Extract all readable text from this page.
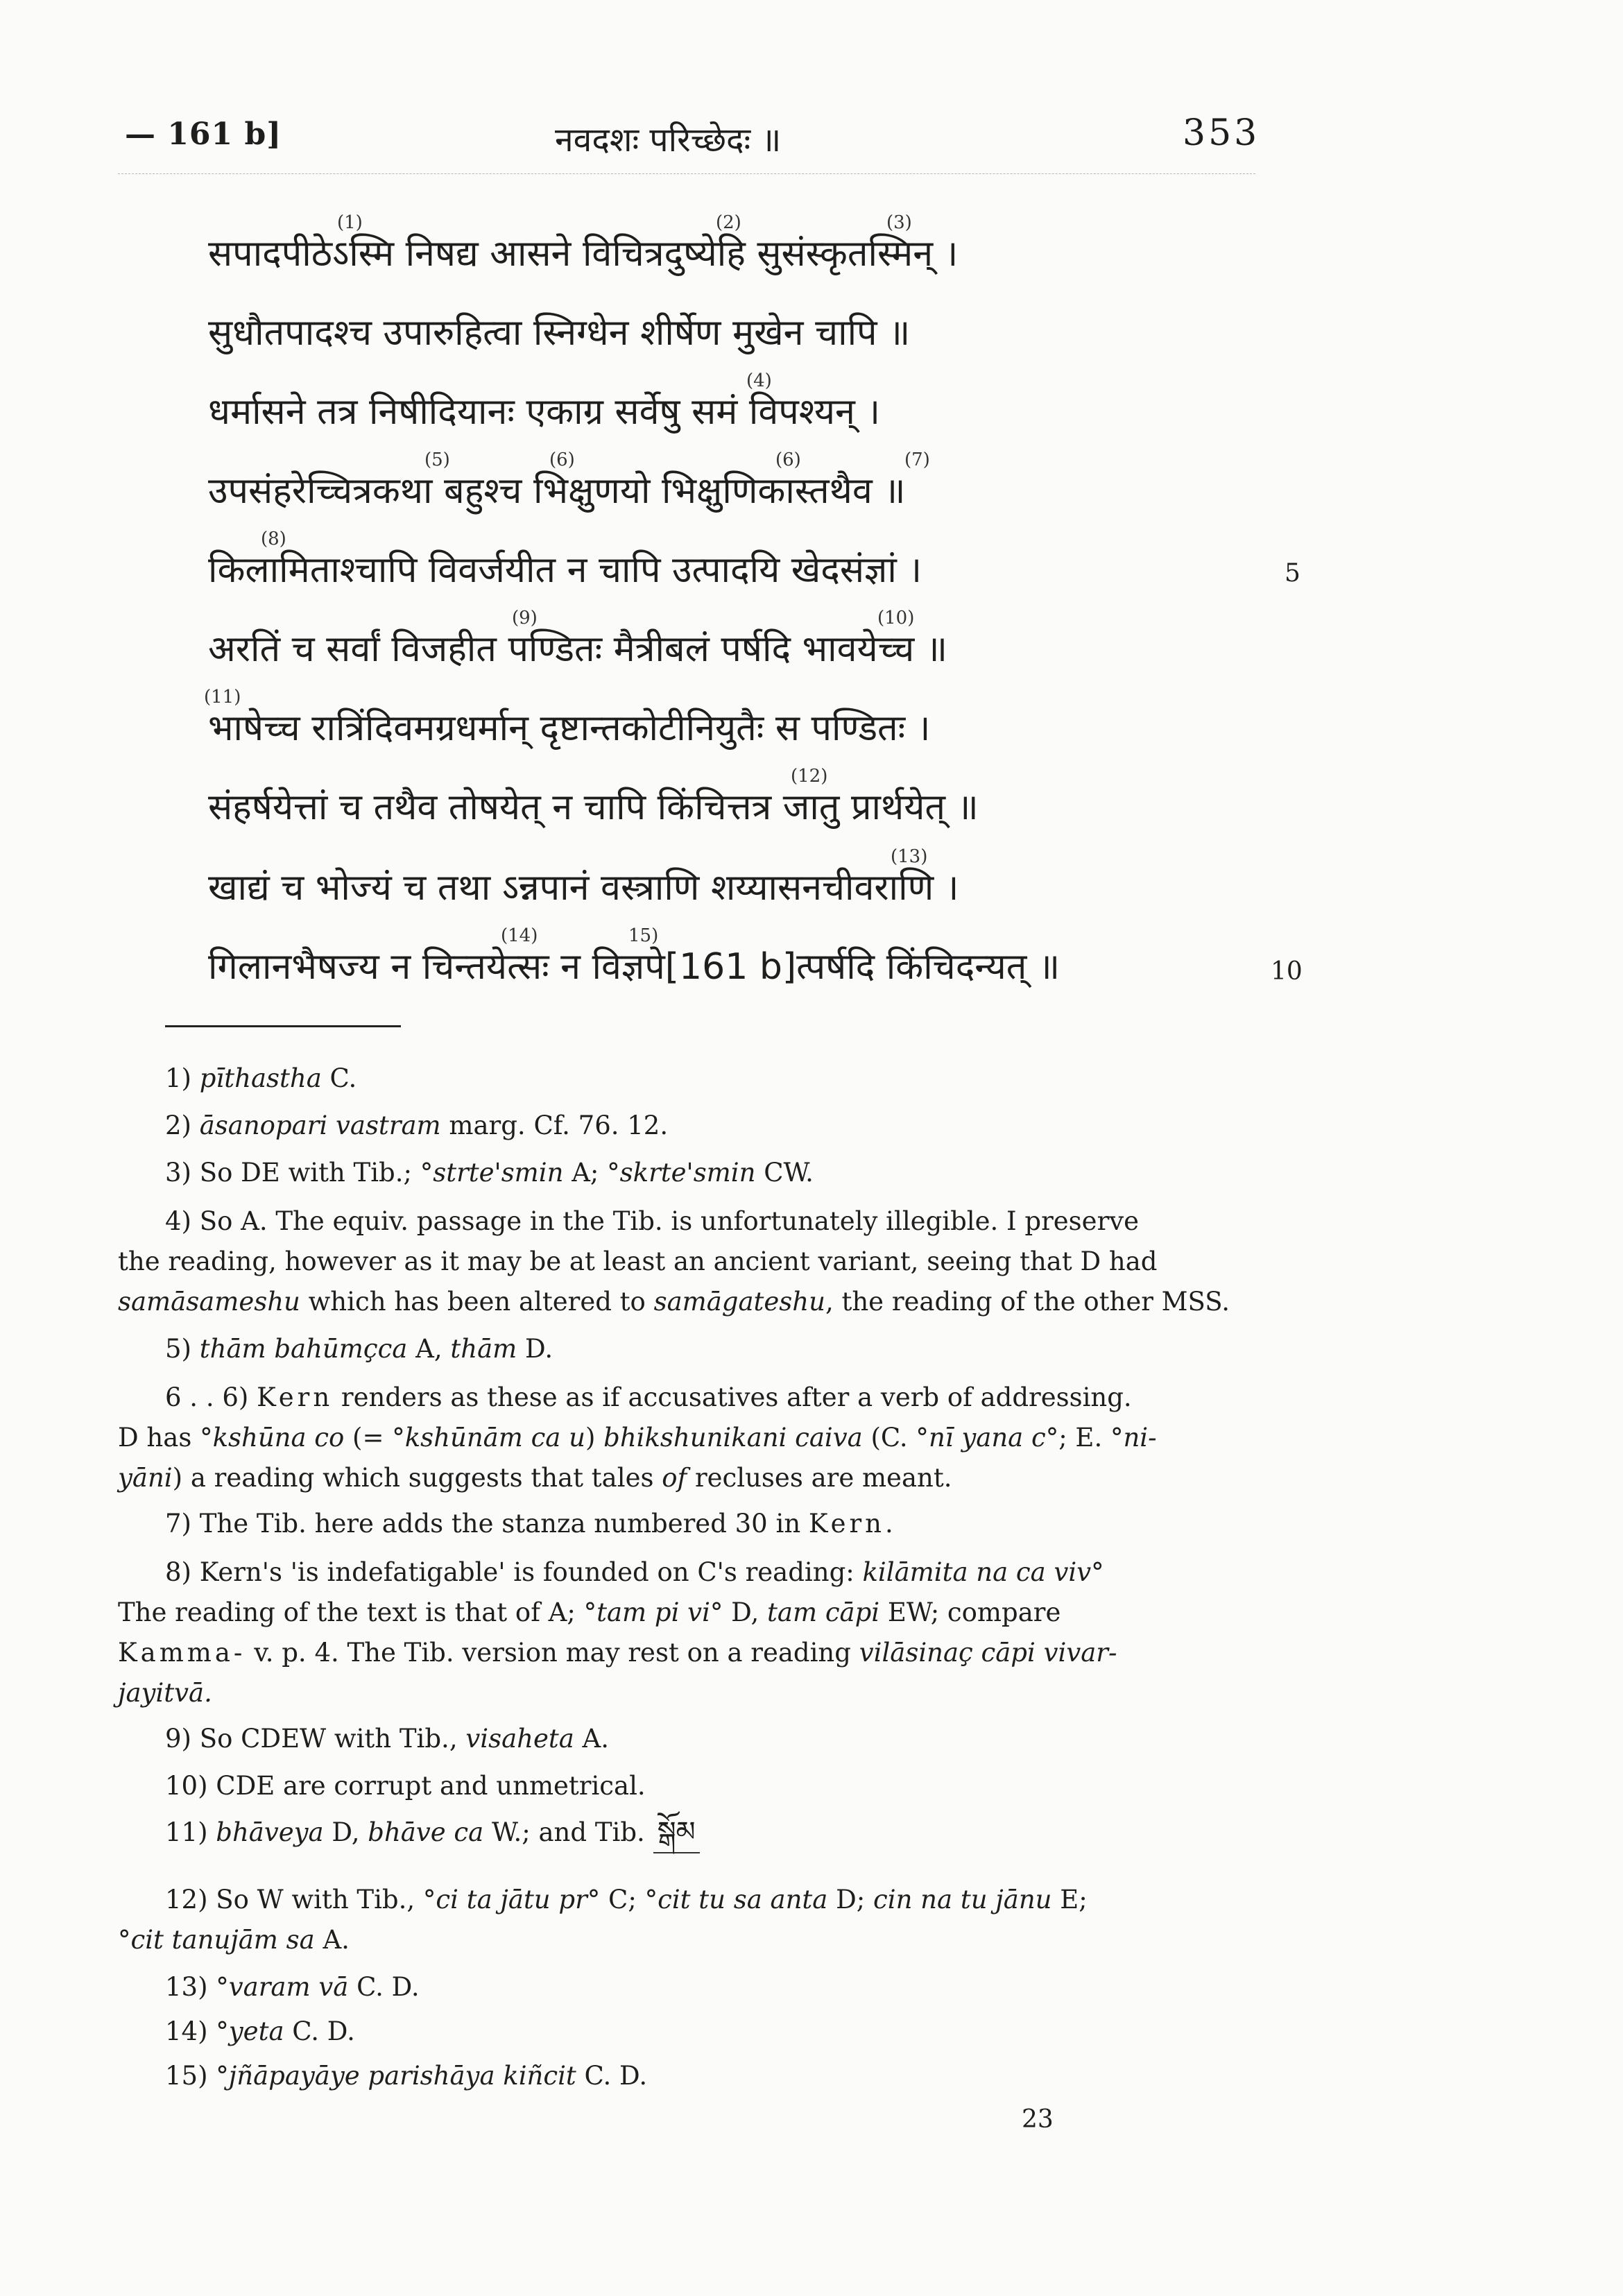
— 161 b]	नवदशः परिच्छेदः ॥	353
सपादपीठेऽस्मि निषद्य आसने विचित्रदुष्येहि सुसंस्कृतस्मिन् ।
(1)	(2)	(3)
सुधौतपादश्च उपारुहित्वा स्निग्धेन शीर्षेण मुखेन चापि ॥
धर्मासने तत्र निषीदियानः एकाग्र सर्वेषु समं विपश्यन् ।
(4)
उपसंहरेच्चित्रकथा बहुश्च भिक्षुणयो भिक्षुणिकास्तथैव ॥
(5)	(6)	(6)	(7)
किलामिताश्चापि विवर्जयीत न चापि उत्पादयि खेदसंज्ञां ।
(8)
5
अरतिं च सर्वां विजहीत पण्डितः मैत्रीबलं पर्षदि भावयेच्च ॥
(9)	(10)
भाषेच्च रात्रिंदिवमग्रधर्मान् दृष्टान्तकोटीनियुतैः स पण्डितः ।
(11)
संहर्षयेत्तां च तथैव तोषयेत् न चापि किंचित्तत्र जातु प्रार्थयेत् ॥
(12)
खाद्यं च भोज्यं च तथा ऽन्नपानं वस्त्राणि शय्यासनचीवराणि ।
(13)
गिलानभैषज्य न चिन्तयेत्सः न विज्ञपे[161 b]त्पर्षदि किंचिदन्यत् ॥
(14)	15)
10
1) pīthastha C.
2) āsanopari vastram marg. Cf. 76. 12.
3) So DE with Tib.; °strte'smin A; °skrte'smin CW.
4) So A. The equiv. passage in the Tib. is unfortunately illegible. I preserve
the reading, however as it may be at least an ancient variant, seeing that D had
samāsameshu which has been altered to samāgateshu, the reading of the other MSS.
5) thām bahūmçca A, thām D.
6 . . 6) Kern renders as these as if accusatives after a verb of addressing.
D has °kshūna co (= °kshūnām ca u) bhikshunikani caiva (C. °nī yana c°; E. °ni-
yāni) a reading which suggests that tales of recluses are meant.
7) The Tib. here adds the stanza numbered 30 in Kern.
8) Kern's 'is indefatigable' is founded on C's reading: kilāmita na ca viv°
The reading of the text is that of A; °tam pi vi° D, tam cāpi EW; compare
Kamma- v. p. 4. The Tib. version may rest on a reading vilāsinaç cāpi vivar-
jayitvā.
9) So CDEW with Tib., visaheta A.
10) CDE are corrupt and unmetrical.
11) bhāveya D, bhāve ca W.; and Tib. སྒོམ
12) So W with Tib., °ci ta jātu pr° C; °cit tu sa anta D; cin na tu jānu E;
°cit tanujām sa A.
13) °varam vā C. D.
14) °yeta C. D.
15) °jñāpayāye parishāya kiñcit C. D.
23
